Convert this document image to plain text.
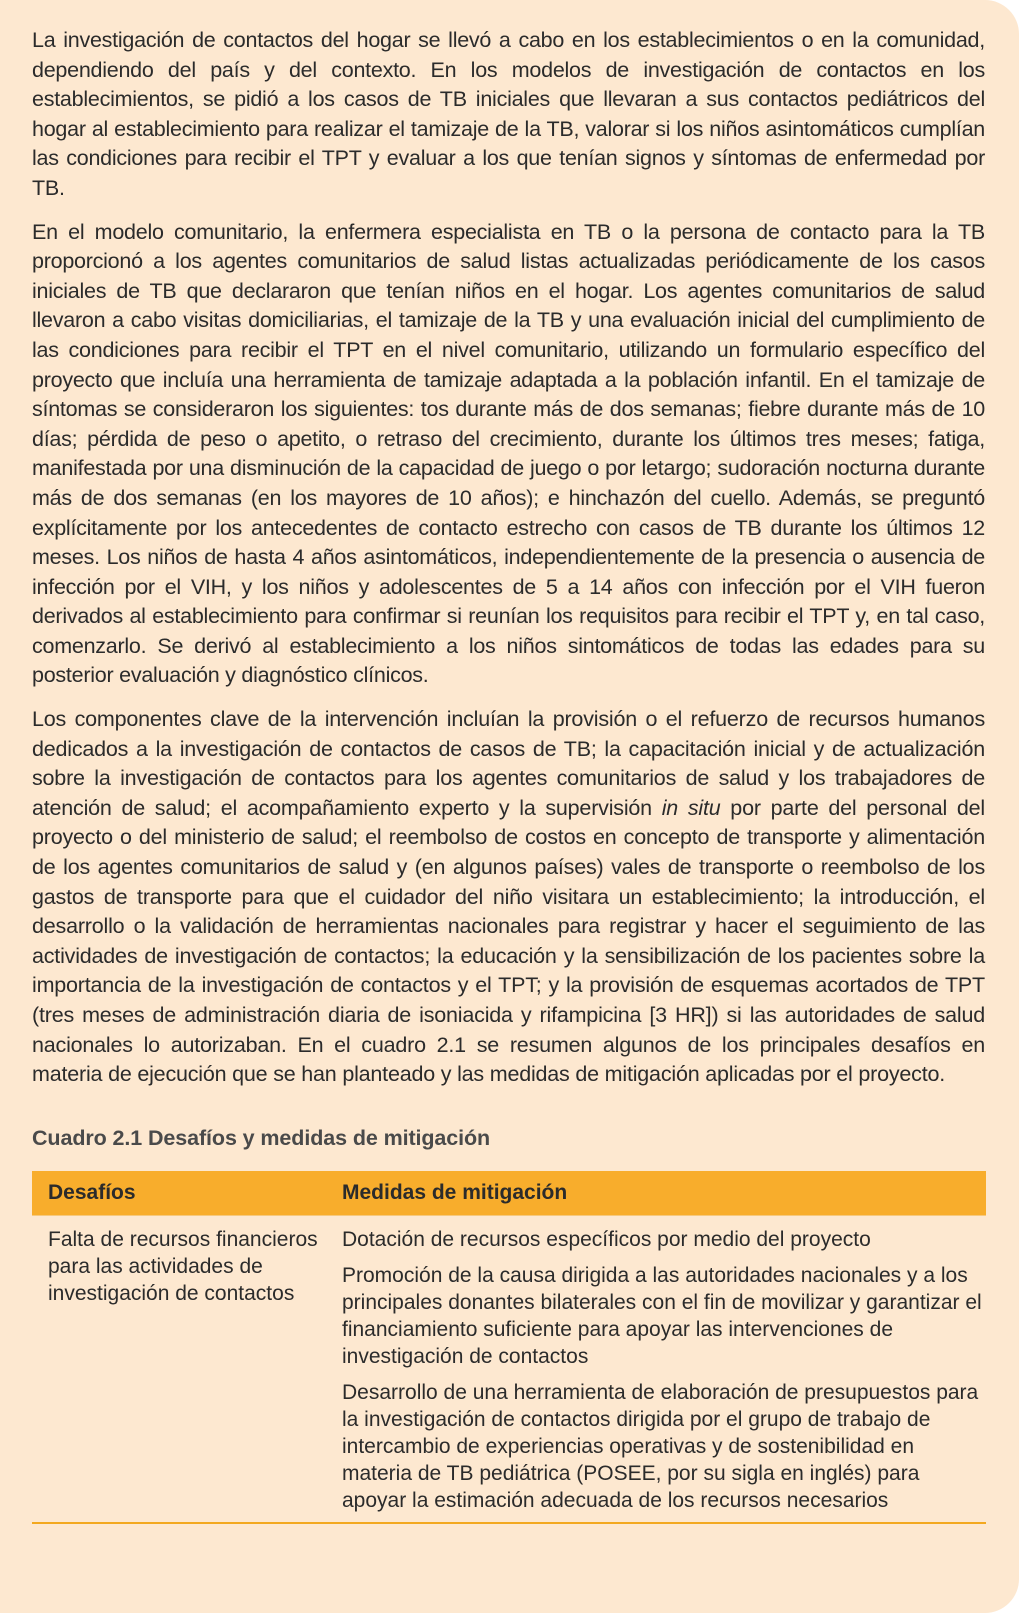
La investigación de contactos del hogar se llevó a cabo en los establecimientos o en la comunidad, dependiendo del país y del contexto. En los modelos de investigación de contactos en los establecimientos, se pidió a los casos de TB iniciales que llevaran a sus contactos pediátricos del hogar al establecimiento para realizar el tamizaje de la TB, valorar si los niños asintomáticos cumplían las condiciones para recibir el TPT y evaluar a los que tenían signos y síntomas de enfermedad por TB.

En el modelo comunitario, la enfermera especialista en TB o la persona de contacto para la TB proporcionó a los agentes comunitarios de salud listas actualizadas periódicamente de los casos iniciales de TB que declararon que tenían niños en el hogar. Los agentes comunitarios de salud llevaron a cabo visitas domiciliarias, el tamizaje de la TB y una evaluación inicial del cumplimiento de las condiciones para recibir el TPT en el nivel comunitario, utilizando un formulario específico del proyecto que incluía una herramienta de tamizaje adaptada a la población infantil. En el tamizaje de síntomas se consideraron los siguientes: tos durante más de dos semanas; fiebre durante más de 10 días; pérdida de peso o apetito, o retraso del crecimiento, durante los últimos tres meses; fatiga, manifestada por una disminución de la capacidad de juego o por letargo; sudoración nocturna durante más de dos semanas (en los mayores de 10 años); e hinchazón del cuello. Además, se preguntó explícitamente por los antecedentes de contacto estrecho con casos de TB durante los últimos 12 meses. Los niños de hasta 4 años asintomáticos, independientemente de la presencia o ausencia de infección por el VIH, y los niños y adolescentes de 5 a 14 años con infección por el VIH fueron derivados al establecimiento para confirmar si reunían los requisitos para recibir el TPT y, en tal caso, comenzarlo. Se derivó al establecimiento a los niños sintomáticos de todas las edades para su posterior evaluación y diagnóstico clínicos.

Los componentes clave de la intervención incluían la provisión o el refuerzo de recursos humanos dedicados a la investigación de contactos de casos de TB; la capacitación inicial y de actualización sobre la investigación de contactos para los agentes comunitarios de salud y los trabajadores de atención de salud; el acompañamiento experto y la supervisión in situ por parte del personal del proyecto o del ministerio de salud; el reembolso de costos en concepto de transporte y alimentación de los agentes comunitarios de salud y (en algunos países) vales de transporte o reembolso de los gastos de transporte para que el cuidador del niño visitara un establecimiento; la introducción, el desarrollo o la validación de herramientas nacionales para registrar y hacer el seguimiento de las actividades de investigación de contactos; la educación y la sensibilización de los pacientes sobre la importancia de la investigación de contactos y el TPT; y la provisión de esquemas acortados de TPT (tres meses de administración diaria de isoniacida y rifampicina [3 HR]) si las autoridades de salud nacionales lo autorizaban. En el cuadro 2.1 se resumen algunos de los principales desafíos en materia de ejecución que se han planteado y las medidas de mitigación aplicadas por el proyecto.

Cuadro 2.1 Desafíos y medidas de mitigación
Desafíos	Medidas de mitigación
Falta de recursos financieros para las actividades de investigación de contactos

Dotación de recursos específicos por medio del proyecto

Promoción de la causa dirigida a las autoridades nacionales y a los principales donantes bilaterales con el fin de movilizar y garantizar el financiamiento suficiente para apoyar las intervenciones de investigación de contactos

Desarrollo de una herramienta de elaboración de presupuestos para la investigación de contactos dirigida por el grupo de trabajo de intercambio de experiencias operativas y de sostenibilidad en materia de TB pediátrica (POSEE, por su sigla en inglés) para apoyar la estimación adecuada de los recursos necesarios
